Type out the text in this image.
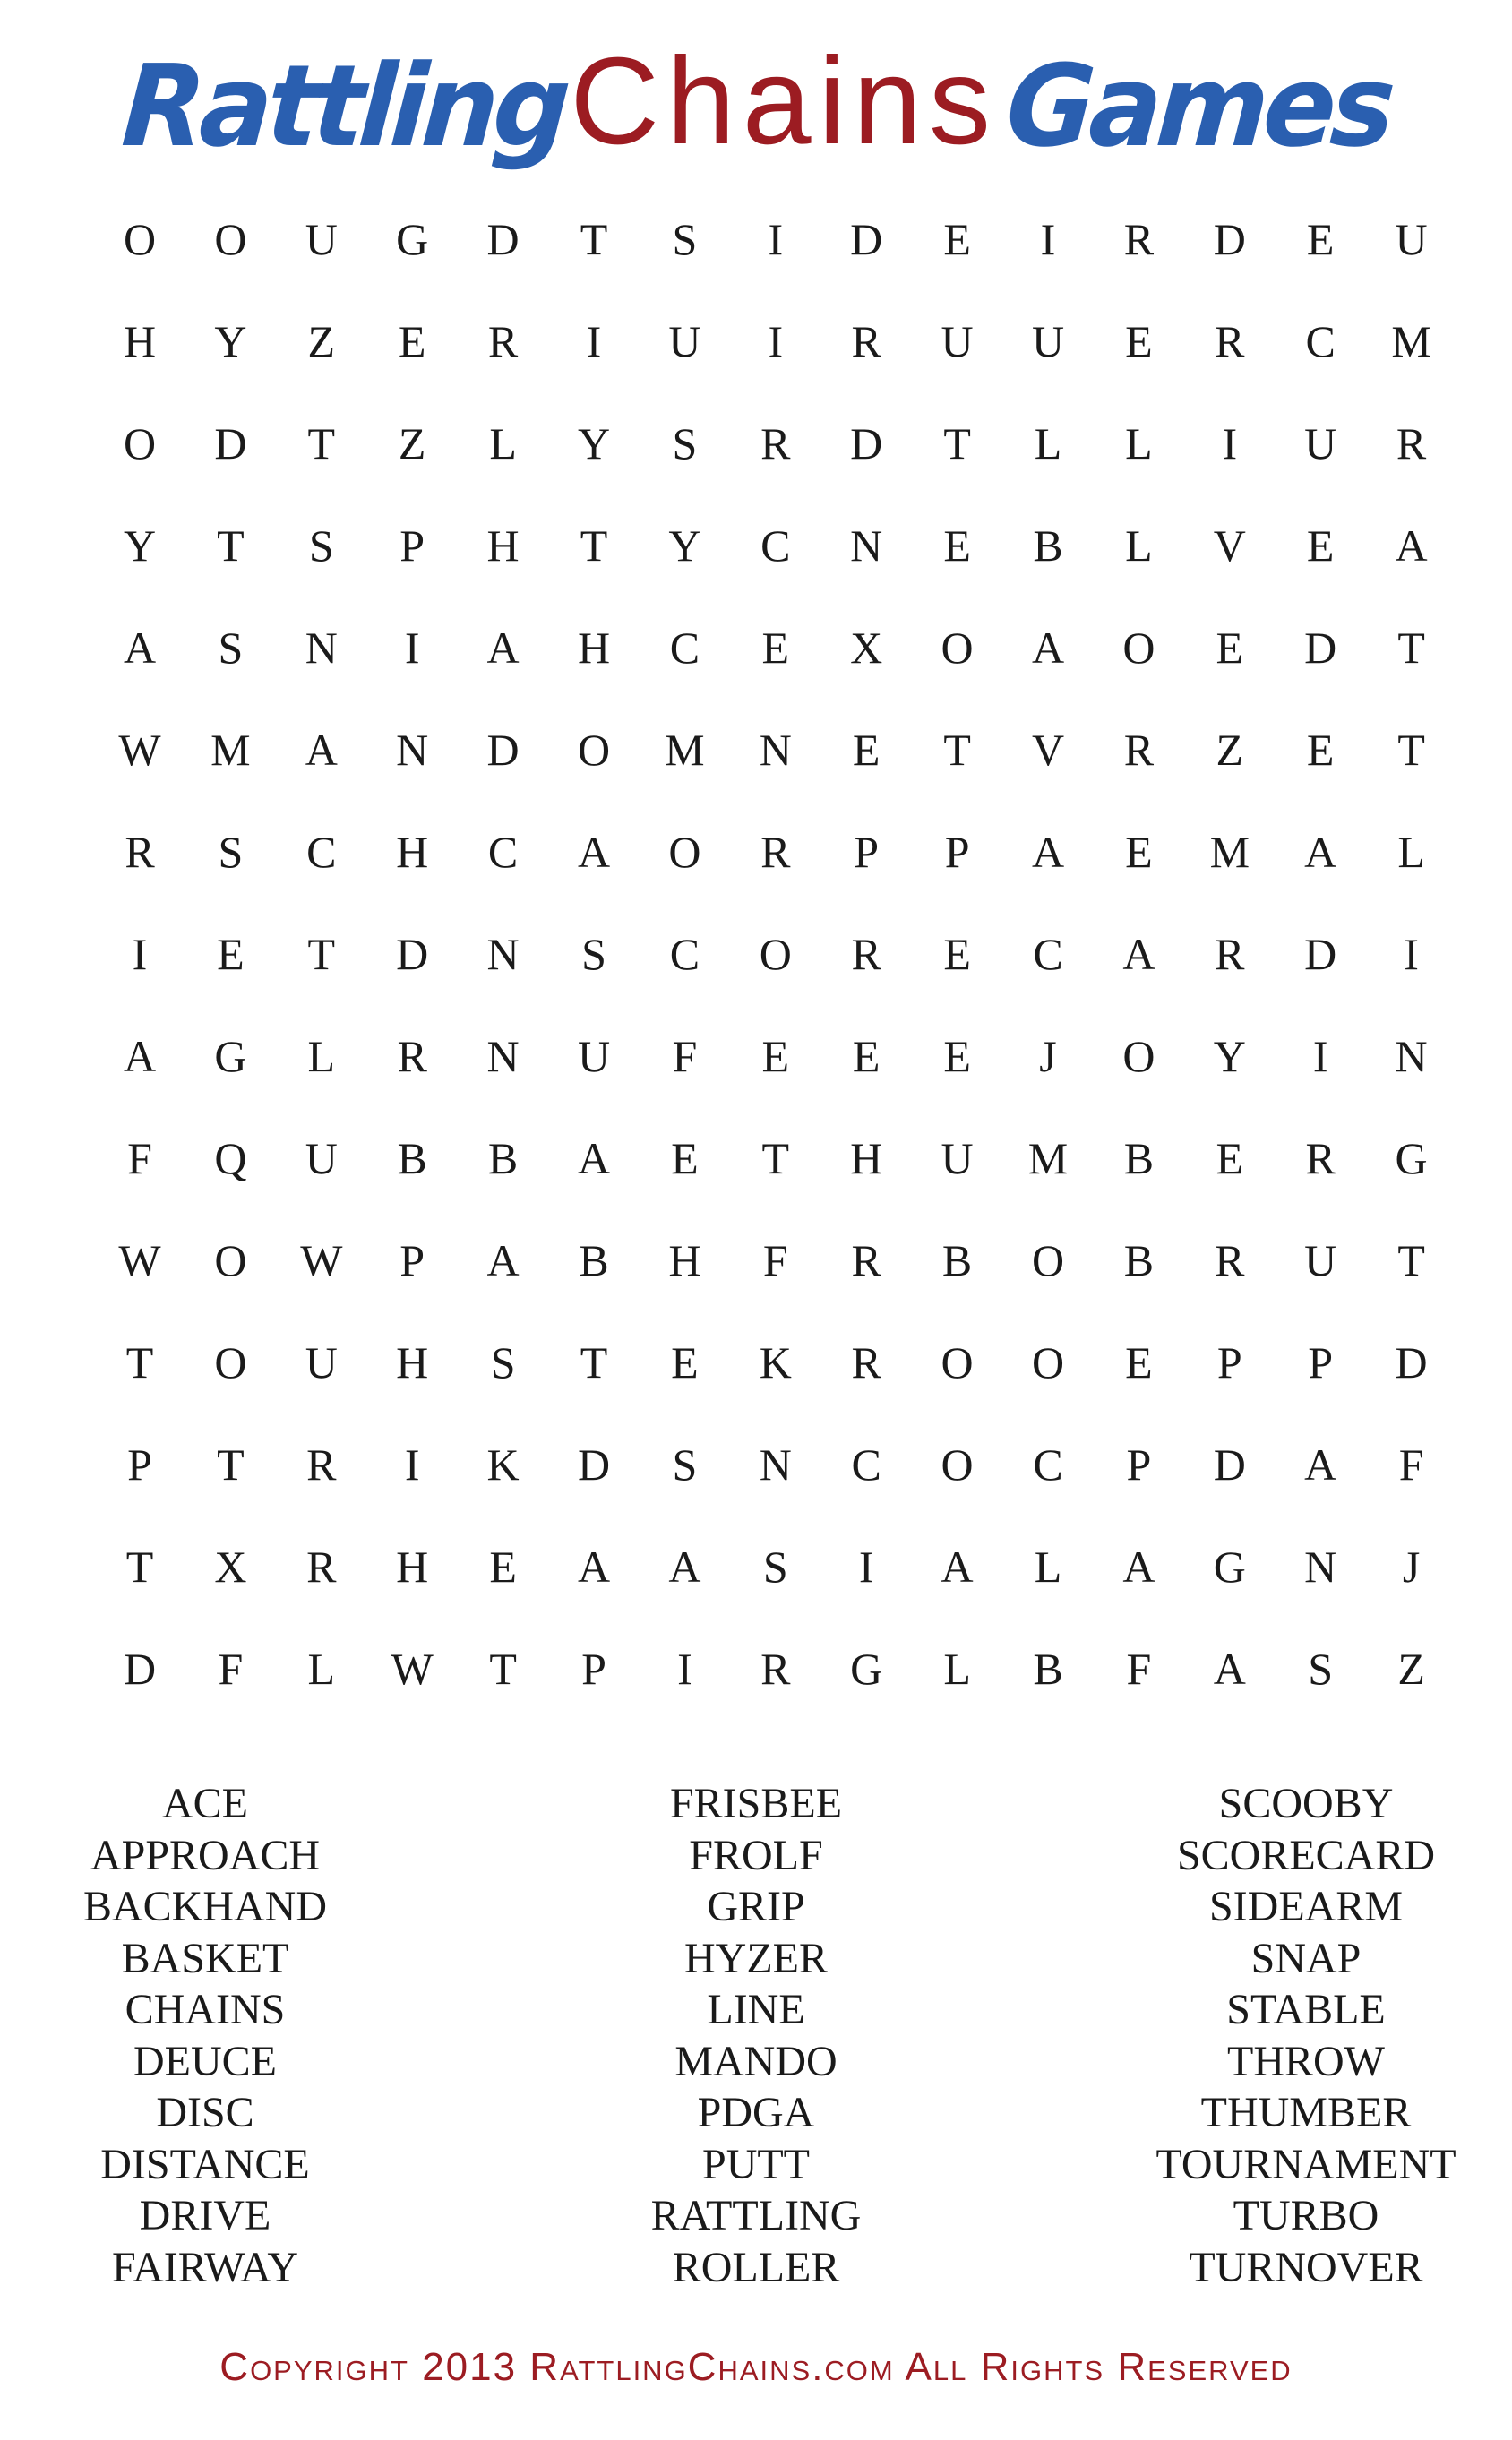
RattlingChainsGames
O	O	U	G	D	T	S	I	D	E	I	R	D	E	U
H	Y	Z	E	R	I	U	I	R	U	U	E	R	C	M
O	D	T	Z	L	Y	S	R	D	T	L	L	I	U	R
Y	T	S	P	H	T	Y	C	N	E	B	L	V	E	A
A	S	N	I	A	H	C	E	X	O	A	O	E	D	T
W	M	A	N	D	O	M	N	E	T	V	R	Z	E	T
R	S	C	H	C	A	O	R	P	P	A	E	M	A	L
I	E	T	D	N	S	C	O	R	E	C	A	R	D	I
A	G	L	R	N	U	F	E	E	E	J	O	Y	I	N
F	Q	U	B	B	A	E	T	H	U	M	B	E	R	G
W	O	W	P	A	B	H	F	R	B	O	B	R	U	T
T	O	U	H	S	T	E	K	R	O	O	E	P	P	D
P	T	R	I	K	D	S	N	C	O	C	P	D	A	F
T	X	R	H	E	A	A	S	I	A	L	A	G	N	J
D	F	L	W	T	P	I	R	G	L	B	F	A	S	Z
ACE
APPROACH
BACKHAND
BASKET
CHAINS
DEUCE
DISC
DISTANCE
DRIVE
FAIRWAY
FRISBEE
FROLF
GRIP
HYZER
LINE
MANDO
PDGA
PUTT
RATTLING
ROLLER
SCOOBY
SCORECARD
SIDEARM
SNAP
STABLE
THROW
THUMBER
TOURNAMENT
TURBO
TURNOVER
Copyright 2013 RattlingChains.com All Rights Reserved
